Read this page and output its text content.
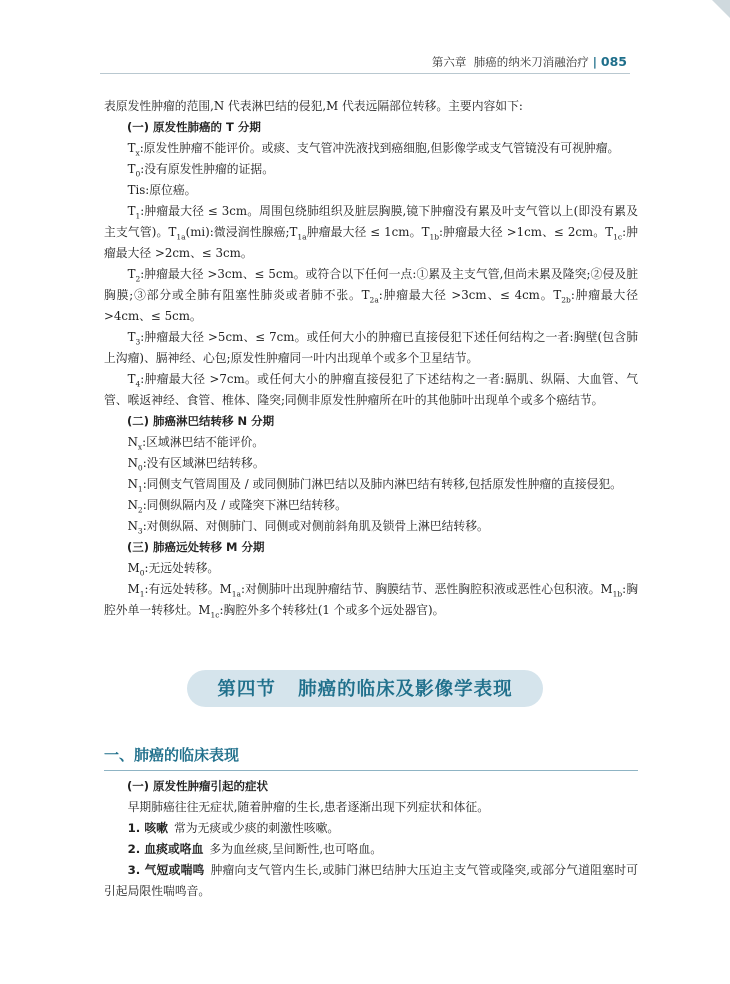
第六章 肺癌的纳米刀消融治疗 | 085

表原发性肿瘤的范围,N 代表淋巴结的侵犯,M 代表远隔部位转移。主要内容如下:

(一) 原发性肺癌的 T 分期

$T_x$:原发性肿瘤不能评价。或痰、支气管冲洗液找到癌细胞,但影像学或支气管镜没有可视肿瘤。

$T_0$:没有原发性肿瘤的证据。

Tis:原位癌。

$T_1$:肿瘤最大径 ≤ 3cm。周围包绕肺组织及脏层胸膜,镜下肿瘤没有累及叶支气管以上(即没有累及主支气管)。$T_{1a}(mi)$:微浸润性腺癌$;T_{1a}$肿瘤最大径 ≤ 1cm。$T_{1b}$:肿瘤最大径 >1cm、≤ 2cm。$T_{1c}$:肿瘤最大径 >2cm、≤ 3cm。

$T_2$:肿瘤最大径 >3cm、≤ 5cm。或符合以下任何一点:①累及主支气管,但尚未累及隆突;②侵及脏胸膜;③部分或全肺有阻塞性肺炎或者肺不张。$T_{2a}$:肿瘤最大径 >3cm、≤ 4cm。$T_{2b}$:肿瘤最大径 >4cm、≤ 5cm。

$T_3$:肿瘤最大径 >5cm、≤ 7cm。或任何大小的肿瘤已直接侵犯下述任何结构之一者:胸壁(包含肺上沟瘤)、膈神经、心包;原发性肿瘤同一叶内出现单个或多个卫星结节。

$T_4$:肿瘤最大径 >7cm。或任何大小的肿瘤直接侵犯了下述结构之一者:膈肌、纵隔、大血管、气管、喉返神经、食管、椎体、隆突;同侧非原发性肿瘤所在叶的其他肺叶出现单个或多个癌结节。

(二) 肺癌淋巴结转移 N 分期

$N_x$:区域淋巴结不能评价。

$N_0$:没有区域淋巴结转移。

$N_1$:同侧支气管周围及 / 或同侧肺门淋巴结以及肺内淋巴结有转移,包括原发性肿瘤的直接侵犯。

$N_2$:同侧纵隔内及 / 或隆突下淋巴结转移。

$N_3$:对侧纵隔、对侧肺门、同侧或对侧前斜角肌及锁骨上淋巴结转移。

(三) 肺癌远处转移 M 分期

$M_0$:无远处转移。

$M_1$:有远处转移。$M_{1a}$:对侧肺叶出现肿瘤结节、胸膜结节、恶性胸腔积液或恶性心包积液。$M_{1b}$:胸腔外单一转移灶。$M_{1c}$:胸腔外多个转移灶(1 个或多个远处器官)。

第四节 肺癌的临床及影像学表现
一、肺癌的临床表现

(一) 原发性肿瘤引起的症状

早期肺癌往往无症状,随着肿瘤的生长,患者逐渐出现下列症状和体征。

1. 咳嗽 常为无痰或少痰的刺激性咳嗽。

2. 血痰或咯血 多为血丝痰,呈间断性,也可咯血。

3. 气短或喘鸣 肿瘤向支气管内生长,或肺门淋巴结肿大压迫主支气管或隆突,或部分气道阻塞时可引起局限性喘鸣音。
